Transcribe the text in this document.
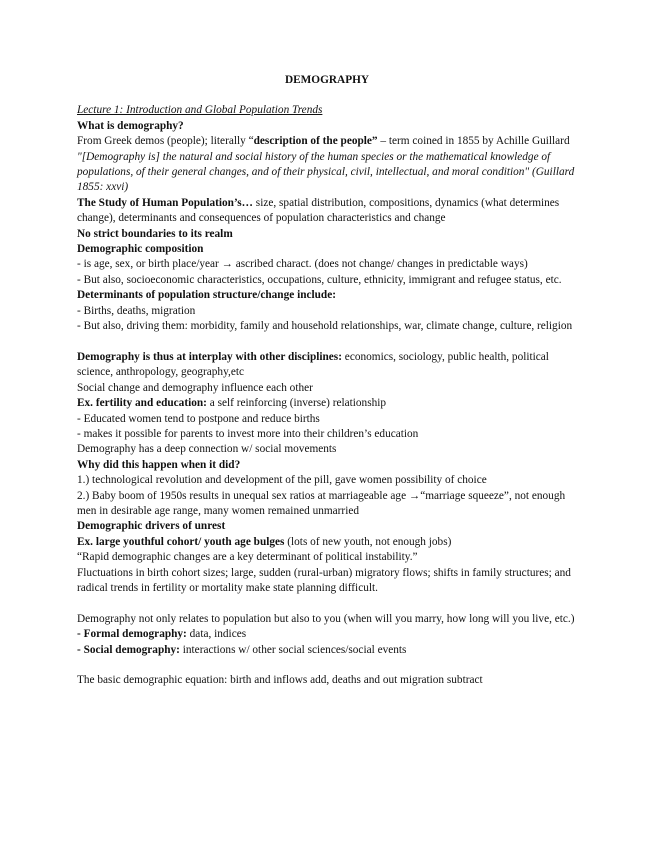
DEMOGRAPHY

Lecture 1: Introduction and Global Population Trends

What is demography?

From Greek demos (people); literally “description of the people” – term coined in 1855 by Achille Guillard

"[Demography is] the natural and social history of the human species or the mathematical knowledge of populations, of their general changes, and of their physical, civil, intellectual, and moral condition" (Guillard 1855: xxvi)

The Study of Human Population’s… size, spatial distribution, compositions, dynamics (what determines change), determinants and consequences of population characteristics and change

No strict boundaries to its realm

Demographic composition

- is age, sex, or birth place/year → ascribed charact. (does not change/ changes in predictable ways)

- But also, socioeconomic characteristics, occupations, culture, ethnicity, immigrant and refugee status, etc.

Determinants of population structure/change include:

- Births, deaths, migration

- But also, driving them: morbidity, family and household relationships, war, climate change, culture, religion

Demography is thus at interplay with other disciplines: economics, sociology, public health, political science, anthropology, geography,etc

Social change and demography influence each other

Ex. fertility and education: a self reinforcing (inverse) relationship

- Educated women tend to postpone and reduce births

- makes it possible for parents to invest more into their children’s education

Demography has a deep connection w/ social movements

Why did this happen when it did?

1.) technological revolution and development of the pill, gave women possibility of choice

2.) Baby boom of 1950s results in unequal sex ratios at marriageable age →“marriage squeeze”, not enough men in desirable age range, many women remained unmarried

Demographic drivers of unrest

Ex. large youthful cohort/ youth age bulges (lots of new youth, not enough jobs)

“Rapid demographic changes are a key determinant of political instability.”

Fluctuations in birth cohort sizes; large, sudden (rural-urban) migratory flows; shifts in family structures; and radical trends in fertility or mortality make state planning difficult.

Demography not only relates to population but also to you (when will you marry, how long will you live, etc.)

- Formal demography: data, indices

- Social demography: interactions w/ other social sciences/social events

The basic demographic equation: birth and inflows add, deaths and out migration subtract
